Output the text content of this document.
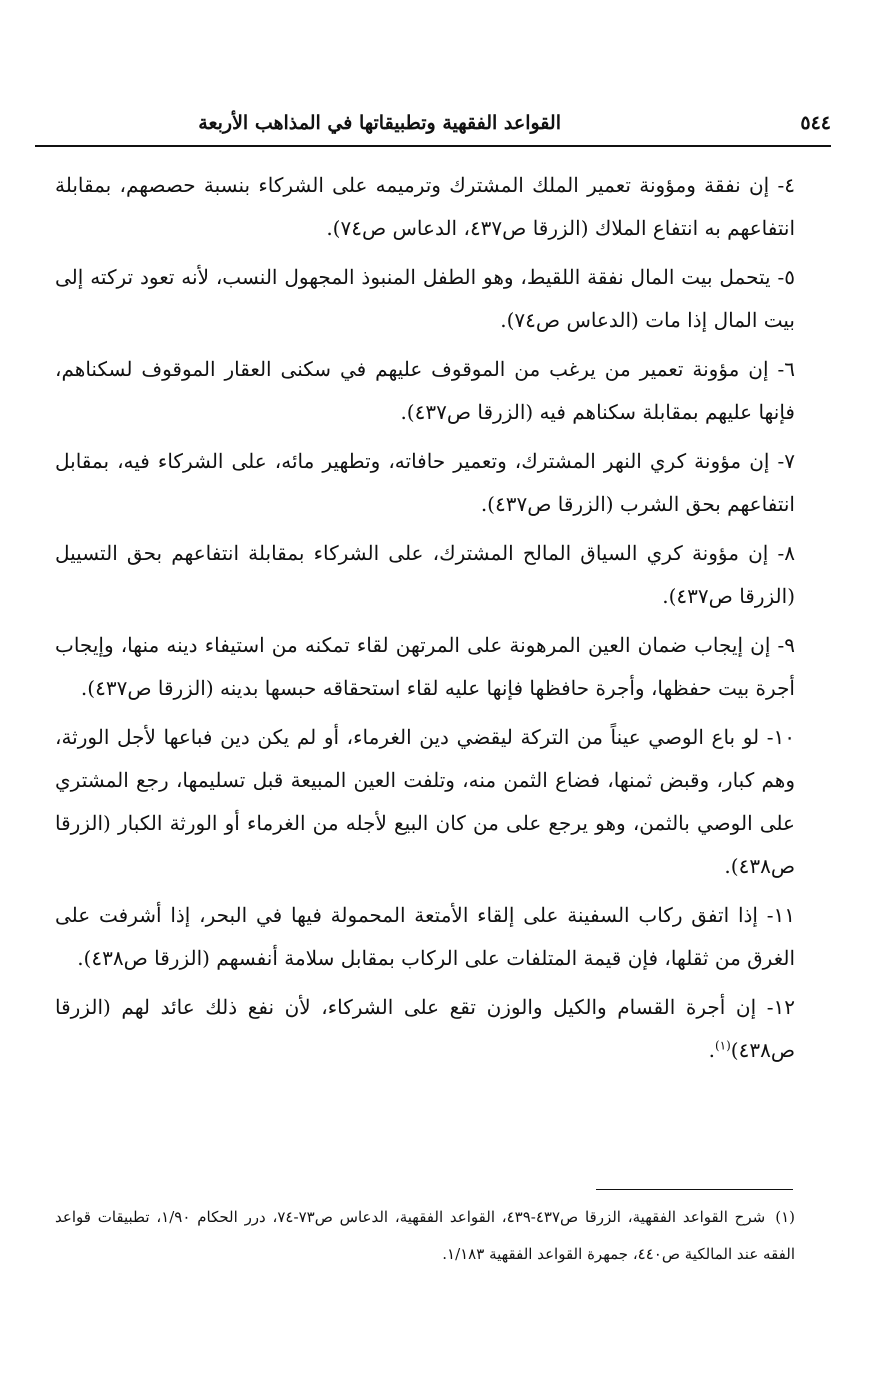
٥٤٤
القواعد الفقهية وتطبيقاتها في المذاهب الأربعة

٤- إن نفقة ومؤونة تعمير الملك المشترك وترميمه على الشركاء بنسبة حصصهم، بمقابلة انتفاعهم به انتفاع الملاك (الزرقا ص٤٣٧، الدعاس ص٧٤).

٥- يتحمل بيت المال نفقة اللقيط، وهو الطفل المنبوذ المجهول النسب، لأنه تعود تركته إلى بيت المال إذا مات (الدعاس ص٧٤).

٦- إن مؤونة تعمير من يرغب من الموقوف عليهم في سكنى العقار الموقوف لسكناهم، فإنها عليهم بمقابلة سكناهم فيه (الزرقا ص٤٣٧).

٧- إن مؤونة كري النهر المشترك، وتعمير حافاته، وتطهير مائه، على الشركاء فيه، بمقابل انتفاعهم بحق الشرب (الزرقا ص٤٣٧).

٨- إن مؤونة كري السياق المالح المشترك، على الشركاء بمقابلة انتفاعهم بحق التسييل (الزرقا ص٤٣٧).

٩- إن إيجاب ضمان العين المرهونة على المرتهن لقاء تمكنه من استيفاء دينه منها، وإيجاب أجرة بيت حفظها، وأجرة حافظها فإنها عليه لقاء استحقاقه حبسها بدينه (الزرقا ص٤٣٧).

١٠- لو باع الوصي عيناً من التركة ليقضي دين الغرماء، أو لم يكن دين فباعها لأجل الورثة، وهم كبار، وقبض ثمنها، فضاع الثمن منه، وتلفت العين المبيعة قبل تسليمها، رجع المشتري على الوصي بالثمن، وهو يرجع على من كان البيع لأجله من الغرماء أو الورثة الكبار (الزرقا ص٤٣٨).

١١- إذا اتفق ركاب السفينة على إلقاء الأمتعة المحمولة فيها في البحر، إذا أشرفت على الغرق من ثقلها، فإن قيمة المتلفات على الركاب بمقابل سلامة أنفسهم (الزرقا ص٤٣٨).

١٢- إن أجرة القسام والكيل والوزن تقع على الشركاء، لأن نفع ذلك عائد لهم (الزرقا ص٤٣٨)$^{(١)}$.

(١)شرح القواعد الفقهية، الزرقا ص٤٣٧-٤٣٩، القواعد الفقهية، الدعاس ص٧٣-٧٤، درر الحكام ١/٩٠، تطبيقات قواعد الفقه عند المالكية ص٤٤٠، جمهرة القواعد الفقهية ١/١٨٣.
